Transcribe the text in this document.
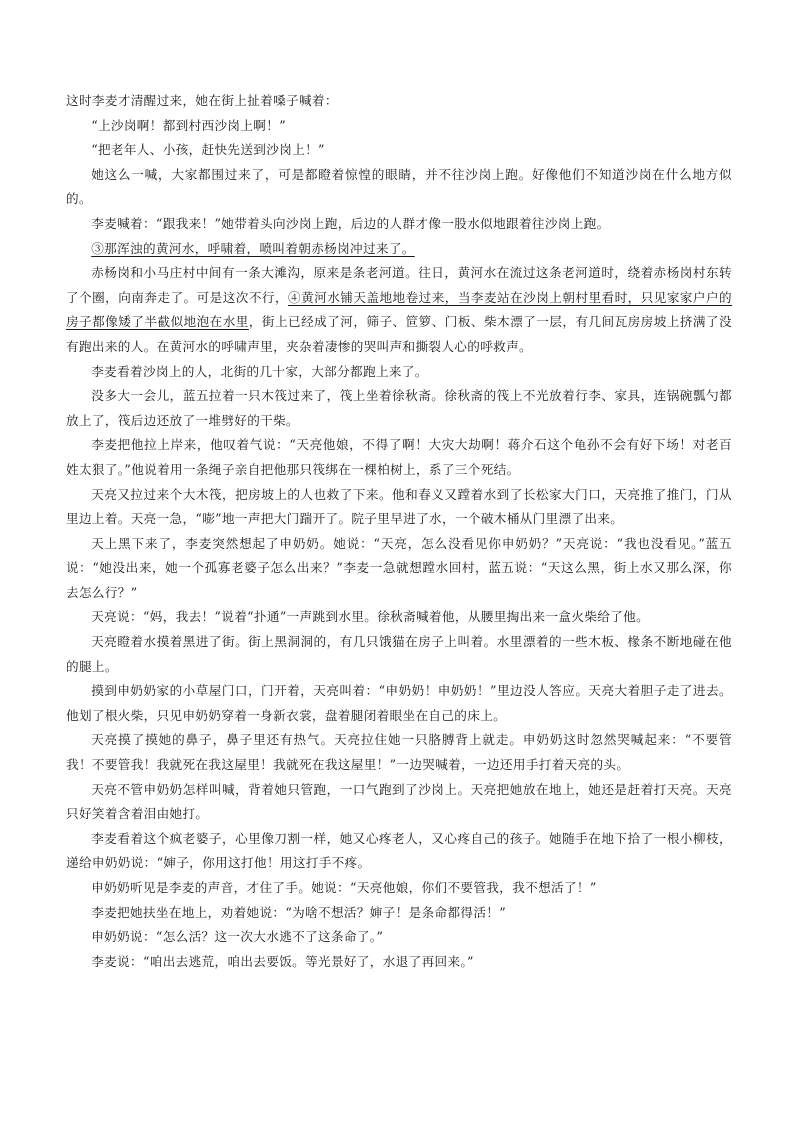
这时李麦才清醒过来，她在街上扯着嗓子喊着：

“上沙岗啊！都到村西沙岗上啊！”

“把老年人、小孩，赶快先送到沙岗上！”

她这么一喊，大家都围过来了，可是都瞪着惊惶的眼睛，并不往沙岗上跑。好像他们不知道沙岗在什么地方似的。

李麦喊着：“跟我来！”她带着头向沙岗上跑，后边的人群才像一股水似地跟着往沙岗上跑。

③那浑浊的黄河水，呼啸着，喷叫着朝赤杨岗冲过来了。

赤杨岗和小马庄村中间有一条大滩沟，原来是条老河道。往日，黄河水在流过这条老河道时，绕着赤杨岗村东转了个圈，向南奔走了。可是这次不行，④黄河水铺天盖地地卷过来，当李麦站在沙岗上朝村里看时，只见家家户户的房子都像矮了半截似地泡在水里，街上已经成了河，筛子、笸箩、门板、柴木漂了一层，有几间瓦房房坡上挤满了没有跑出来的人。在黄河水的呼啸声里，夹杂着凄惨的哭叫声和撕裂人心的呼救声。

李麦看着沙岗上的人，北街的几十家，大部分都跑上来了。

没多大一会儿，蓝五拉着一只木筏过来了，筏上坐着徐秋斋。徐秋斋的筏上不光放着行李、家具，连锅碗瓢勺都放上了，筏后边还放了一堆劈好的干柴。

李麦把他拉上岸来，他叹着气说：“天亮他娘，不得了啊！大灾大劫啊！蒋介石这个龟孙不会有好下场！对老百姓太狠了。”他说着用一条绳子亲自把他那只筏绑在一棵柏树上，系了三个死结。

天亮又拉过来个大木筏，把房坡上的人也救了下来。他和春义又蹚着水到了长松家大门口，天亮推了推门，门从里边上着。天亮一急，“嘭”地一声把大门踹开了。院子里早进了水，一个破木桶从门里漂了出来。

天上黑下来了，李麦突然想起了申奶奶。她说：“天亮，怎么没看见你申奶奶？”天亮说：“我也没看见。”蓝五说：“她没出来，她一个孤寡老婆子怎么出来？”李麦一急就想蹚水回村，蓝五说：“天这么黑，街上水又那么深，你去怎么行？”

天亮说：“妈，我去！”说着“扑通”一声跳到水里。徐秋斋喊着他，从腰里掏出来一盒火柴给了他。

天亮瞪着水摸着黑进了街。街上黑洞洞的，有几只饿猫在房子上叫着。水里漂着的一些木板、椽条不断地碰在他的腿上。

摸到申奶奶家的小草屋门口，门开着，天亮叫着：“申奶奶！申奶奶！”里边没人答应。天亮大着胆子走了进去。他划了根火柴，只见申奶奶穿着一身新衣裳，盘着腿闭着眼坐在自己的床上。

天亮摸了摸她的鼻子，鼻子里还有热气。天亮拉住她一只胳膊背上就走。申奶奶这时忽然哭喊起来：“不要管我！不要管我！我就死在我这屋里！我就死在我这屋里！”一边哭喊着，一边还用手打着天亮的头。

天亮不管申奶奶怎样叫喊，背着她只管跑，一口气跑到了沙岗上。天亮把她放在地上，她还是赶着打天亮。天亮只好笑着含着泪由她打。

李麦看着这个疯老婆子，心里像刀割一样，她又心疼老人，又心疼自己的孩子。她随手在地下拾了一根小柳枝，递给申奶奶说：“婶子，你用这打他！用这打手不疼。

申奶奶听见是李麦的声音，才住了手。她说：“天亮他娘，你们不要管我，我不想活了！”

李麦把她扶坐在地上，劝着她说：“为啥不想活？婶子！是条命都得活！”

申奶奶说：“怎么活？这一次大水逃不了这条命了。”

李麦说：“咱出去逃荒，咱出去要饭。等光景好了，水退了再回来。”
